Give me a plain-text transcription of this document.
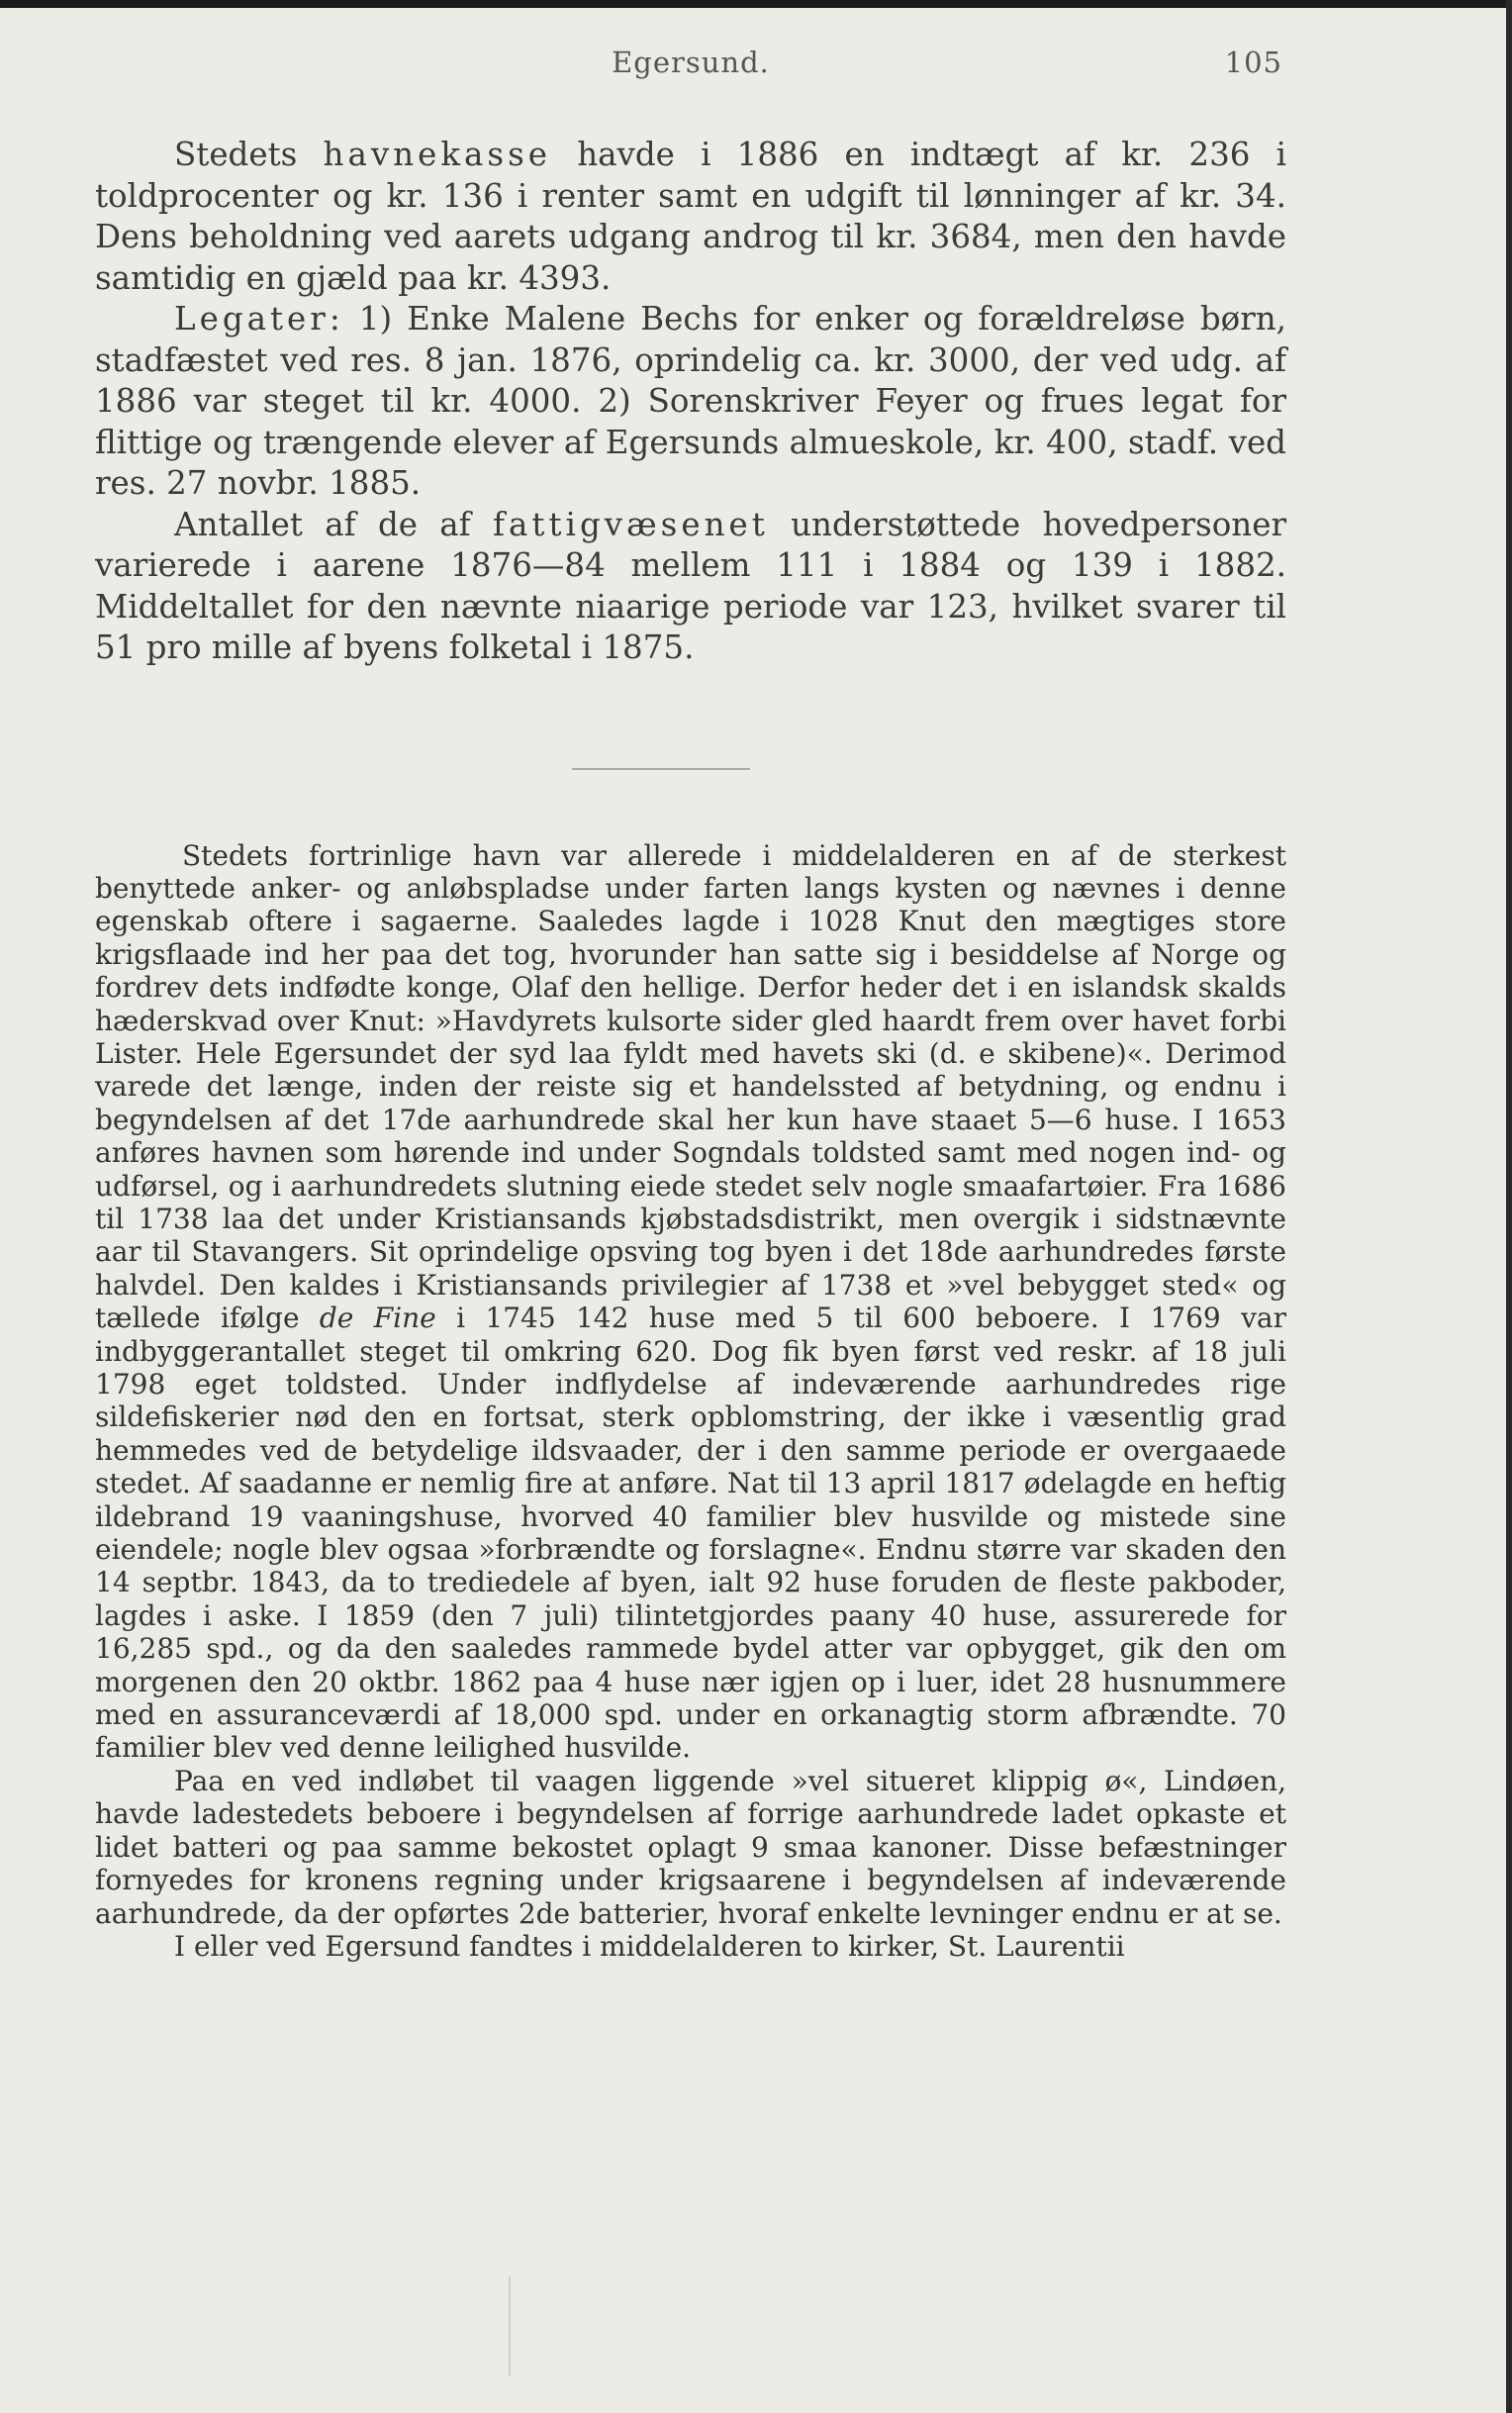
Egersund.	105

Stedets havnekasse havde i 1886 en indtægt af kr. 236 i toldprocenter og kr. 136 i renter samt en udgift til lønninger af kr. 34. Dens beholdning ved aarets udgang androg til kr. 3684, men den havde samtidig en gjæld paa kr. 4393.

Legater: 1) Enke Malene Bechs for enker og forældreløse børn, stadfæstet ved res. 8 jan. 1876, oprindelig ca. kr. 3000, der ved udg. af 1886 var steget til kr. 4000. 2) Sorenskriver Feyer og frues legat for flittige og trængende elever af Egersunds almueskole, kr. 400, stadf. ved res. 27 novbr. 1885.

Antallet af de af fattigvæsenet understøttede hovedpersoner varierede i aarene 1876—84 mellem 111 i 1884 og 139 i 1882. Middeltallet for den nævnte niaarige periode var 123, hvilket svarer til 51 pro mille af byens folketal i 1875.

Stedets fortrinlige havn var allerede i middelalderen en af de sterkest benyttede anker- og anløbspladse under farten langs kysten og nævnes i denne egenskab oftere i sagaerne. Saaledes lagde i 1028 Knut den mægtiges store krigsflaade ind her paa det tog, hvorunder han satte sig i besiddelse af Norge og fordrev dets indfødte konge, Olaf den hellige. Derfor heder det i en islandsk skalds hæderskvad over Knut: »Havdyrets kulsorte sider gled haardt frem over havet forbi Lister. Hele Egersundet der syd laa fyldt med havets ski (d. e skibene)«. Derimod varede det længe, inden der reiste sig et handelssted af betydning, og endnu i begyndelsen af det 17de aarhundrede skal her kun have staaet 5—6 huse. I 1653 anføres havnen som hørende ind under Sogndals toldsted samt med nogen ind- og udførsel, og i aarhundredets slutning eiede stedet selv nogle smaafartøier. Fra 1686 til 1738 laa det under Kristiansands kjøbstadsdistrikt, men overgik i sidstnævnte aar til Stavangers. Sit oprindelige opsving tog byen i det 18de aarhundredes første halvdel. Den kaldes i Kristiansands privilegier af 1738 et »vel bebygget sted« og tællede ifølge de Fine i 1745 142 huse med 5 til 600 beboere. I 1769 var indbyggerantallet steget til omkring 620. Dog fik byen først ved reskr. af 18 juli 1798 eget toldsted. Under indflydelse af indeværende aarhundredes rige sildefiskerier nød den en fortsat, sterk opblomstring, der ikke i væsentlig grad hemmedes ved de betydelige ildsvaader, der i den samme periode er overgaaede stedet. Af saadanne er nemlig fire at anføre. Nat til 13 april 1817 ødelagde en heftig ildebrand 19 vaaningshuse, hvorved 40 familier blev husvilde og mistede sine eiendele; nogle blev ogsaa »forbrændte og forslagne«. Endnu større var skaden den 14 septbr. 1843, da to trediedele af byen, ialt 92 huse foruden de fleste pakboder, lagdes i aske. I 1859 (den 7 juli) tilintetgjordes paany 40 huse, assurerede for 16,285 spd., og da den saaledes rammede bydel atter var opbygget, gik den om morgenen den 20 oktbr. 1862 paa 4 huse nær igjen op i luer, idet 28 husnummere med en assuranceværdi af 18,000 spd. under en orkanagtig storm afbrændte. 70 familier blev ved denne leilighed husvilde.

Paa en ved indløbet til vaagen liggende »vel situeret klippig ø«, Lindøen, havde ladestedets beboere i begyndelsen af forrige aarhundrede ladet opkaste et lidet batteri og paa samme bekostet oplagt 9 smaa kanoner. Disse befæstninger fornyedes for kronens regning under krigsaarene i begyndelsen af indeværende aarhundrede, da der opførtes 2de batterier, hvoraf enkelte levninger endnu er at se.

I eller ved Egersund fandtes i middelalderen to kirker, St. Laurentii
